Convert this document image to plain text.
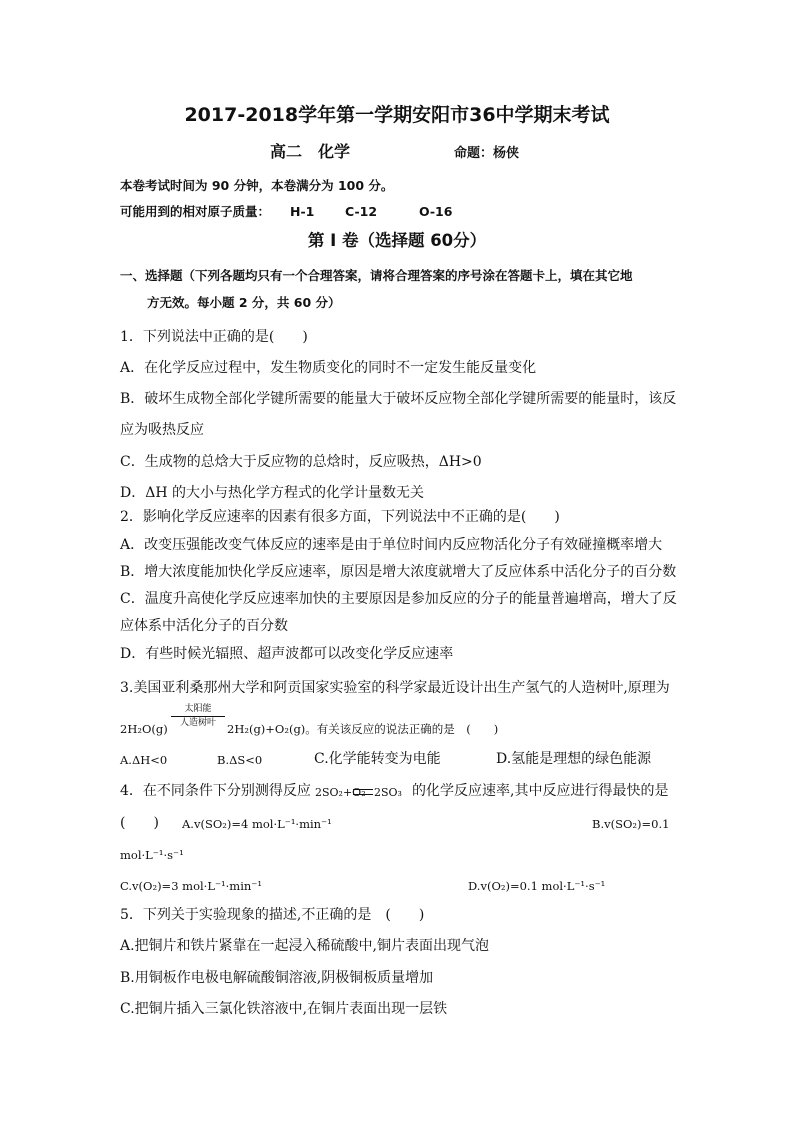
2017-2018学年第一学期安阳市36中学期末考试
高二　化学	命题：杨侠
本卷考试时间为 90 分钟，本卷满分为 100 分。
可能用到的相对原子质量： H-1 C-12	O-16
第 I 卷（选择题 60分）
一、选择题（下列各题均只有一个合理答案，请将合理答案的序号涂在答题卡上，填在其它地
方无效。每小题 2 分，共 60 分）
1．下列说法中正确的是(　　)
A．在化学反应过程中，发生物质变化的同时不一定发生能反量变化
B．破坏生成物全部化学键所需要的能量大于破坏反应物全部化学键所需要的能量时，该反
应为吸热反应
C．生成物的总焓大于反应物的总焓时，反应吸热，ΔH>0
D．ΔH 的大小与热化学方程式的化学计量数无关
2．影响化学反应速率的因素有很多方面，下列说法中不正确的是(　　)
A．改变压强能改变气体反应的速率是由于单位时间内反应物活化分子有效碰撞概率增大
B．增大浓度能加快化学反应速率，原因是增大浓度就增大了反应体系中活化分子的百分数
C．温度升高使化学反应速率加快的主要原因是参加反应的分子的能量普遍增高，增大了反
应体系中活化分子的百分数
D．有些时候光辐照、超声波都可以改变化学反应速率
3.美国亚利桑那州大学和阿贡国家实验室的科学家最近设计出生产氢气的人造树叶,原理为
2H₂O(g)
太阳能
人造树叶 2H₂(g)+O₂(g)。有关该反应的说法正确的是　(　　)
A.ΔH<0	B.ΔS<0	C.化学能转变为电能	D.氢能是理想的绿色能源
4．在不同条件下分别测得反应 2SO₂+O₂ 2SO₃ 的化学反应速率,其中反应进行得最快的是
(　　) A.v(SO₂)=4 mol·L⁻¹·min⁻¹	B.v(SO₂)=0.1
mol·L⁻¹·s⁻¹
C.v(O₂)=3 mol·L⁻¹·min⁻¹	D.v(O₂)=0.1 mol·L⁻¹·s⁻¹
5．下列关于实验现象的描述,不正确的是　(　　)
A.把铜片和铁片紧靠在一起浸入稀硫酸中,铜片表面出现气泡
B.用铜板作电极电解硫酸铜溶液,阴极铜板质量增加
C.把铜片插入三氯化铁溶液中,在铜片表面出现一层铁
